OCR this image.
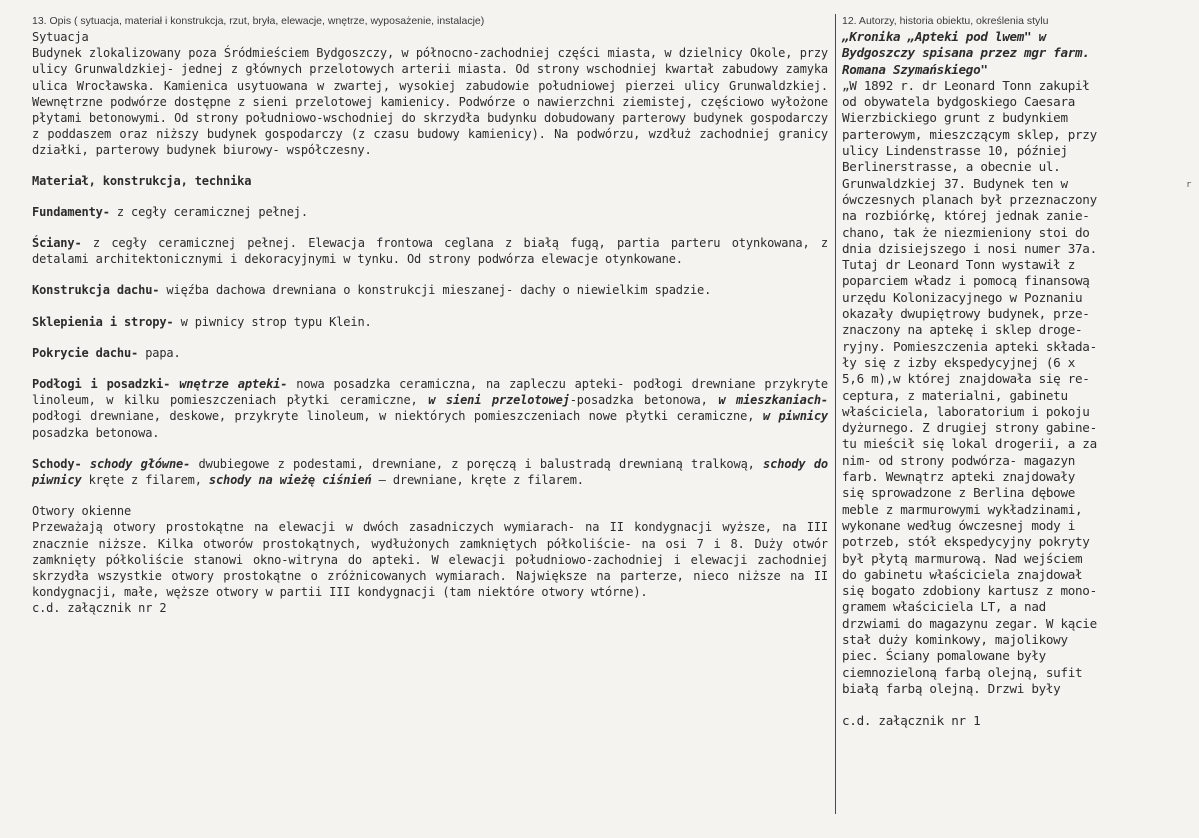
13. Opis ( sytuacja, materiał i konstrukcja, rzut, bryła, elewacje, wnętrze, wyposażenie, instalacje)
Sytuacja

Budynek zlokalizowany poza Śródmieściem Bydgoszczy, w północno-zachodniej części miasta, w dzielnicy Okole, przy ulicy Grunwaldzkiej- jednej z głównych przelotowych arterii miasta. Od strony wschodniej kwartał zabudowy zamyka ulica Wrocławska. Kamienica usytuowana w zwartej, wysokiej zabudowie południowej pierzei ulicy Grunwaldzkiej. Wewnętrzne podwórze dostępne z sieni przelotowej kamienicy. Podwórze o nawierzchni ziemistej, częściowo wyłożone płytami betonowymi. Od strony południowo-wschodniej do skrzydła budynku dobudowany parterowy budynek gospodarczy z poddaszem oraz niższy budynek gospodarczy (z czasu budowy kamienicy). Na podwórzu, wzdłuż zachodniej granicy działki, parterowy budynek biurowy- współczesny.

Materiał, konstrukcja, technika

Fundamenty- z cegły ceramicznej pełnej.

Ściany- z cegły ceramicznej pełnej. Elewacja frontowa ceglana z białą fugą, partia parteru otynkowana, z detalami architektonicznymi i dekoracyjnymi w tynku. Od strony podwórza elewacje otynkowane.

Konstrukcja dachu- więźba dachowa drewniana o konstrukcji mieszanej- dachy o niewielkim spadzie.

Sklepienia i stropy- w piwnicy strop typu Klein.

Pokrycie dachu- papa.

Podłogi i posadzki- wnętrze apteki- nowa posadzka ceramiczna, na zapleczu apteki- podłogi drewniane przykryte linoleum, w kilku pomieszczeniach płytki ceramiczne, w sieni przelotowej-posadzka betonowa, w mieszkaniach- podłogi drewniane, deskowe, przykryte linoleum, w niektórych pomieszczeniach nowe płytki ceramiczne, w piwnicy posadzka betonowa.

Schody- schody główne- dwubiegowe z podestami, drewniane, z poręczą i balustradą drewnianą tralkową, schody do piwnicy kręte z filarem, schody na wieżę ciśnień – drewniane, kręte z filarem.

Otwory okienne

Przeważają otwory prostokątne na elewacji w dwóch zasadniczych wymiarach- na II kondygnacji wyższe, na III znacznie niższe. Kilka otworów prostokątnych, wydłużonych zamkniętych półkoliście- na osi 7 i 8. Duży otwór zamknięty półkoliście stanowi okno-witryna do apteki. W elewacji południowo-zachodniej i elewacji zachodniej skrzydła wszystkie otwory prostokątne o zróżnicowanych wymiarach. Największe na parterze, nieco niższe na II kondygnacji, małe, węższe otwory w partii III kondygnacji (tam niektóre otwory wtórne).

c.d. załącznik nr 2
12. Autorzy, historia obiektu, określenia stylu

„Kronika „Apteki pod lwem" w

Bydgoszczy spisana przez mgr farm.

Romana Szymańskiego"

„W 1892 r. dr Leonard Tonn zakupił

od obywatela bydgoskiego Caesara

Wierzbickiego grunt z budynkiem

parterowym, mieszczącym sklep, przy

ulicy Lindenstrasse 10, później

Berlinerstrasse, a obecnie ul.

Grunwaldzkiej 37. Budynek ten w

ówczesnych planach był przeznaczony

na rozbiórkę, której jednak zanie-

chano, tak że niezmieniony stoi do

dnia dzisiejszego i nosi numer 37a.

Tutaj dr Leonard Tonn wystawił z

poparciem władz i pomocą finansową

urzędu Kolonizacyjnego w Poznaniu

okazały dwupiętrowy budynek, prze-

znaczony na aptekę i sklep droge-

ryjny. Pomieszczenia apteki składa-

ły się z izby ekspedycyjnej (6 x

5,6 m),w której znajdowała się re-

ceptura, z materialni, gabinetu

właściciela, laboratorium i pokoju

dyżurnego. Z drugiej strony gabine-

tu mieścił się lokal drogerii, a za

nim- od strony podwórza- magazyn

farb. Wewnątrz apteki znajdowały

się sprowadzone z Berlina dębowe

meble z marmurowymi wykładzinami,

wykonane według ówczesnej mody i

potrzeb, stół ekspedycyjny pokryty

był płytą marmurową. Nad wejściem

do gabinetu właściciela znajdował

się bogato zdobiony kartusz z mono-

gramem właściciela LT, a nad

drzwiami do magazynu zegar. W kącie

stał duży kominkowy, majolikowy

piec. Ściany pomalowane były

ciemnozieloną farbą olejną, sufit

białą farbą olejną. Drzwi były

c.d. załącznik nr 1

r
